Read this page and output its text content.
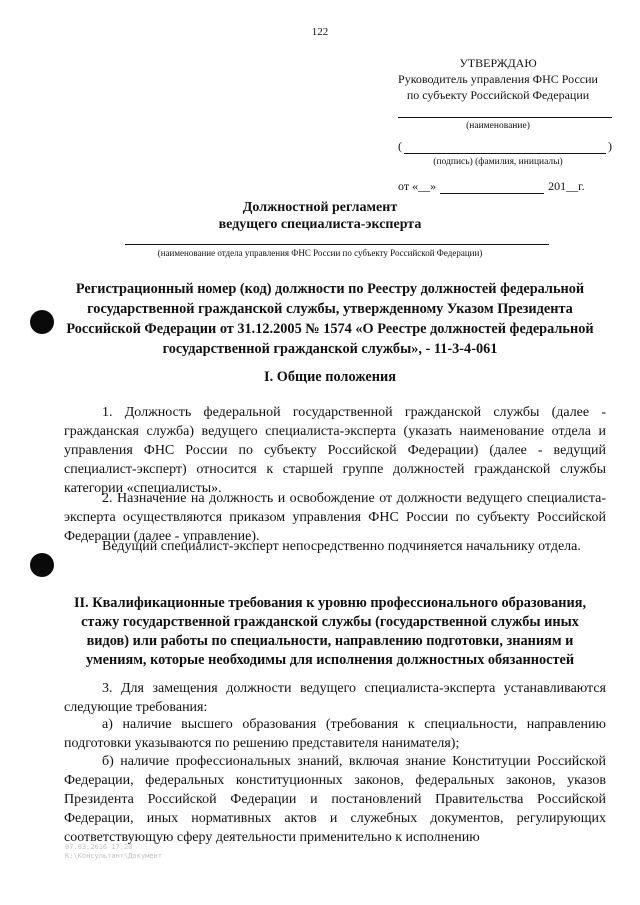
122
УТВЕРЖДАЮ
Руководитель управления ФНС России
по субъекту Российской Федерации
(наименование)
(	)
(подпись) (фамилия, инициалы)
от « __ »	201 __ г.
Должностной регламент
ведущего специалиста-эксперта
(наименование отдела управления ФНС России по субъекту Российской Федерации)
Регистрационный номер (код) должности по Реестру должностей федеральной государственной гражданской службы, утвержденному Указом Президента Российской Федерации от 31.12.2005 № 1574 «О Реестре должностей федеральной государственной гражданской службы», - 11-3-4-061
I. Общие положения
1. Должность федеральной государственной гражданской службы (далее - гражданская служба) ведущего специалиста-эксперта (указать наименование отдела и управления ФНС России по субъекту Российской Федерации) (далее - ведущий специалист-эксперт) относится к старшей группе должностей гражданской службы категории «специалисты».
2. Назначение на должность и освобождение от должности ведущего специалиста-эксперта осуществляются приказом управления ФНС России по субъекту Российской Федерации (далее - управление).
Ведущий специалист-эксперт непосредственно подчиняется начальнику отдела.
II. Квалификационные требования к уровню профессионального образования, стажу государственной гражданской службы (государственной службы иных видов) или работы по специальности, направлению подготовки, знаниям и умениям, которые необходимы для исполнения должностных обязанностей
3. Для замещения должности ведущего специалиста-эксперта устанавливаются следующие требования:
а) наличие высшего образования (требования к специальности, направлению подготовки указываются по решению представителя нанимателя);
б) наличие профессиональных знаний, включая знание Конституции Российской Федерации, федеральных конституционных законов, федеральных законов, указов Президента Российской Федерации и постановлений Правительства Российской Федерации, иных нормативных актов и служебных документов, регулирующих соответствующую сферу деятельности применительно к исполнению
07.03.2016 17:20
К:\Консультант\Документ
